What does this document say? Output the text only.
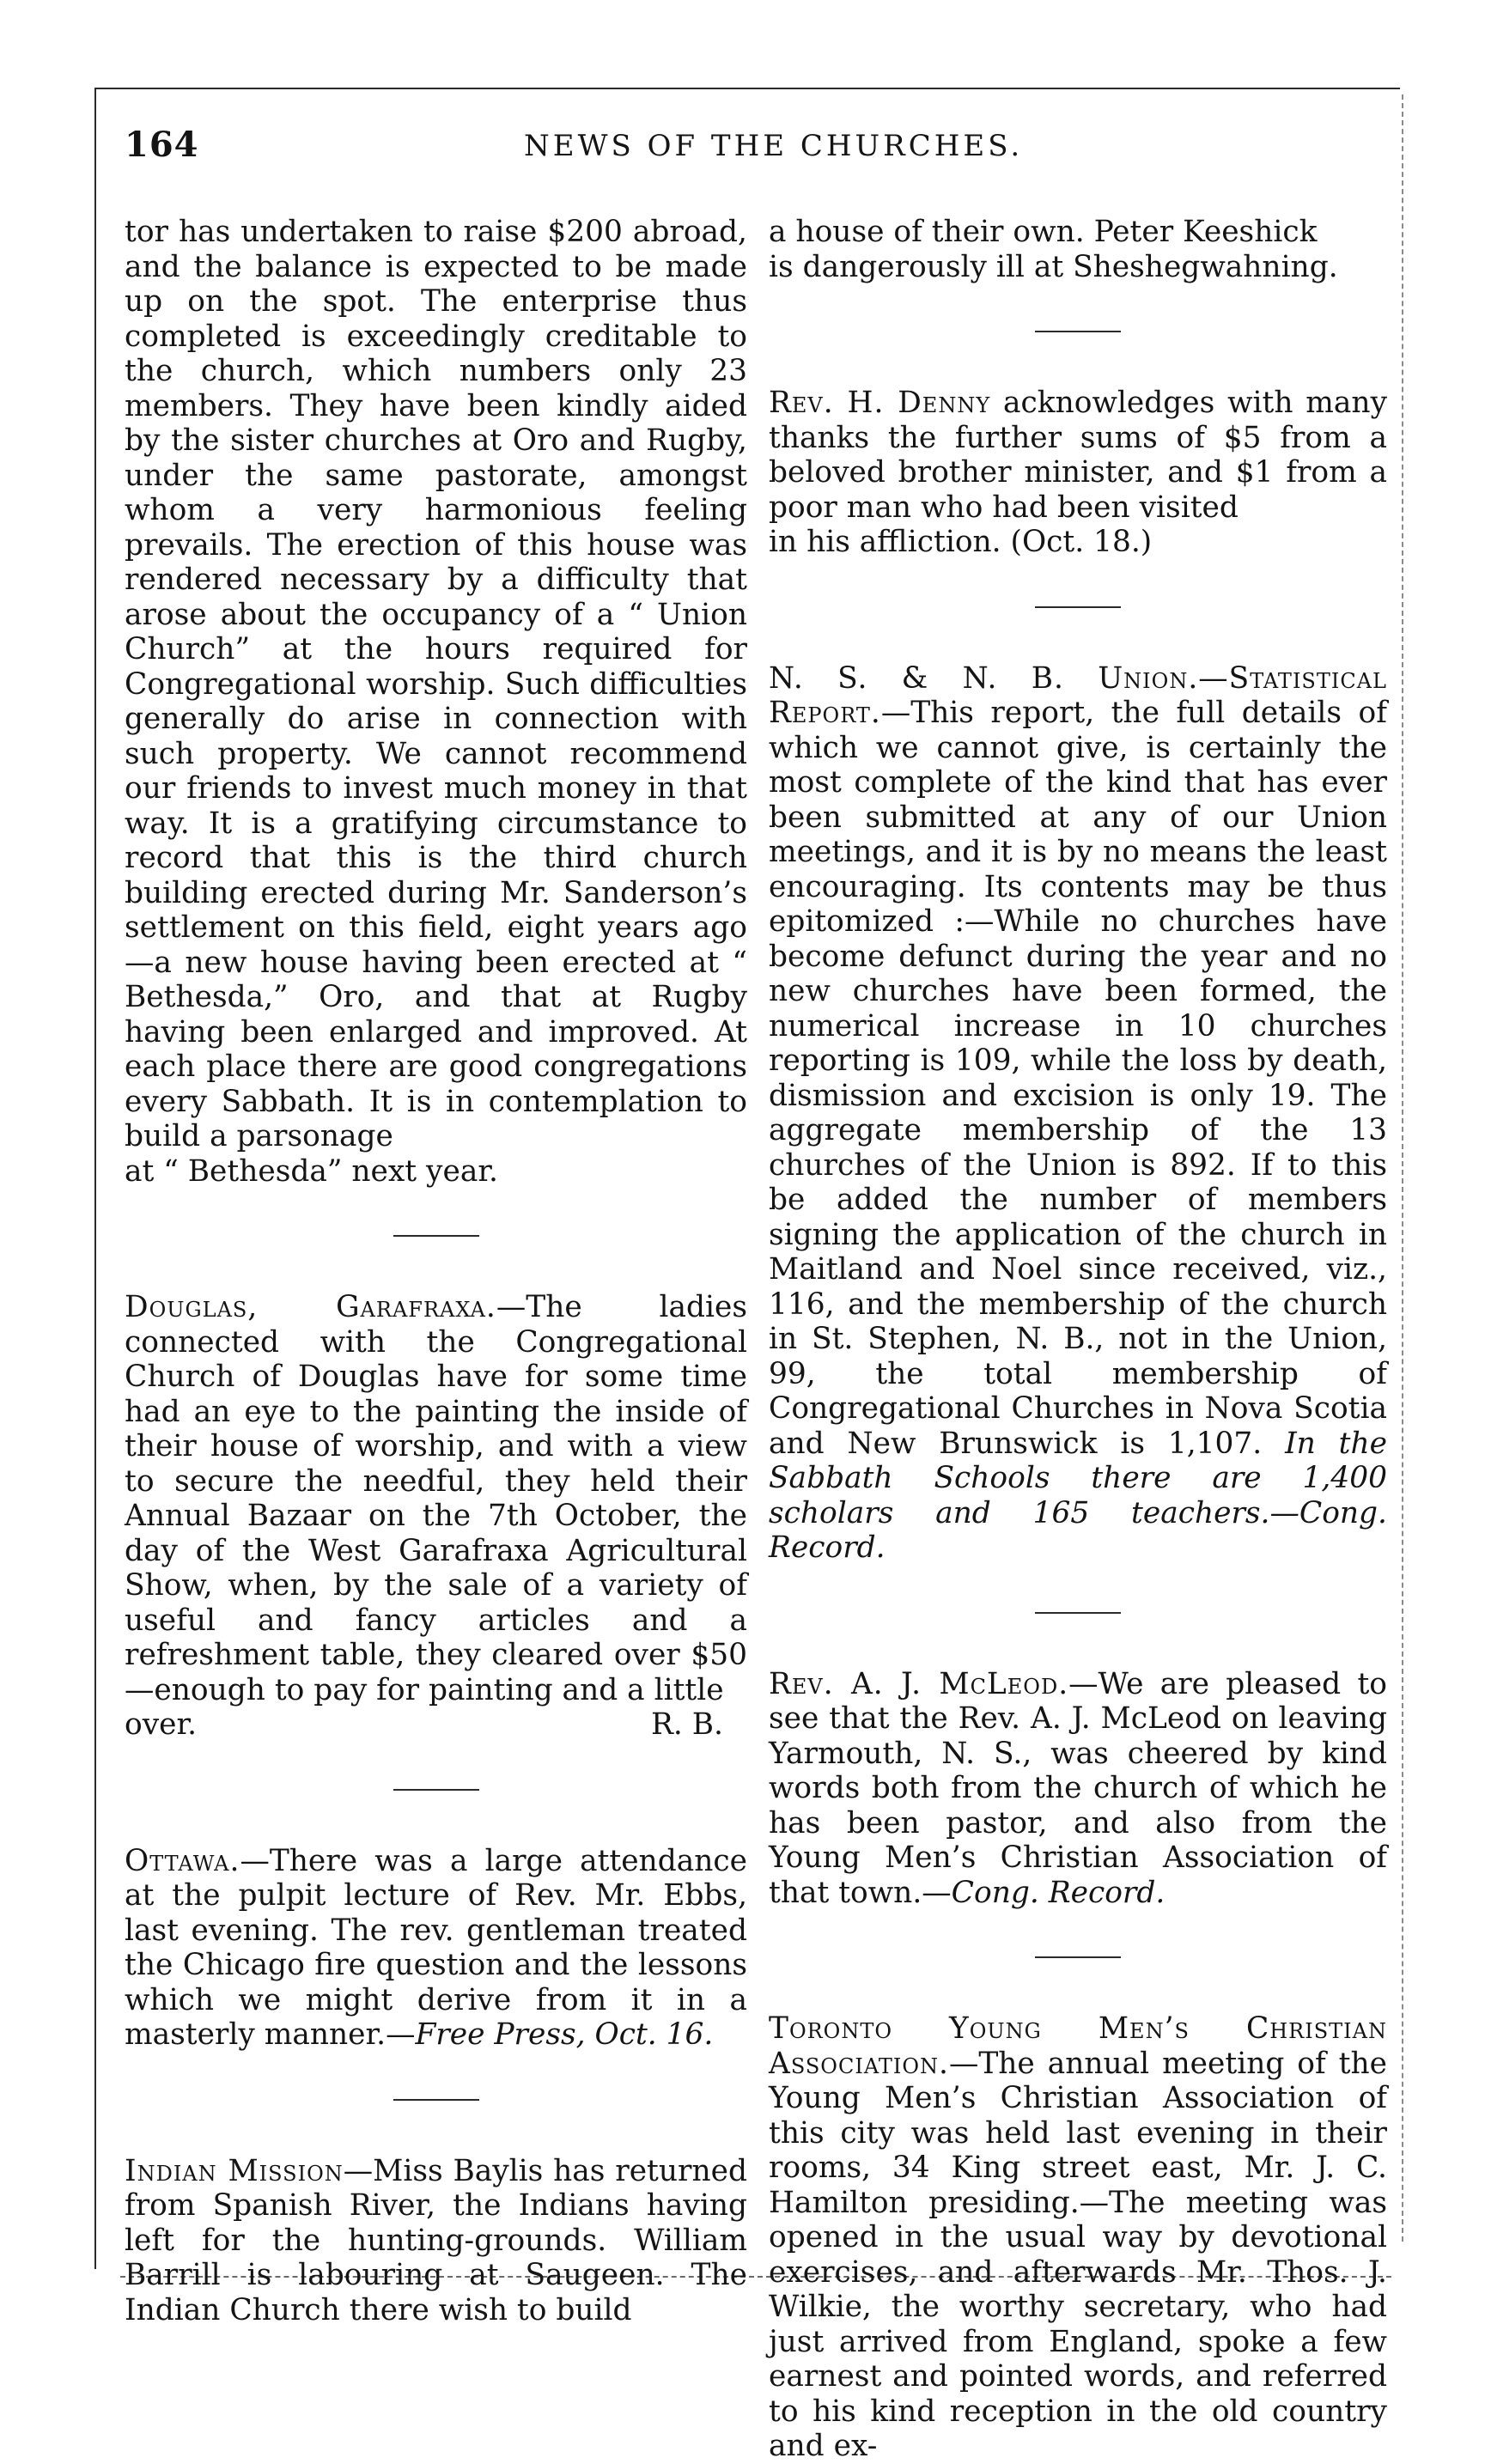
164	NEWS OF THE CHURCHES.

tor has undertaken to raise $200 abroad, and the balance is expected to be made up on the spot. The enterprise thus completed is exceedingly creditable to the church, which numbers only 23 members. They have been kindly aided by the sister churches at Oro and Rugby, under the same pastorate, amongst whom a very harmonious feeling prevails. The erection of this house was rendered necessary by a difficulty that arose about the occupancy of a “ Union Church” at the hours required for Congregational worship. Such difficulties generally do arise in connection with such property. We cannot recommend our friends to invest much money in that way. It is a gratifying circumstance to record that this is the third church building erected during Mr. Sanderson’s settlement on this field, eight years ago—a new house having been erected at “ Bethesda,” Oro, and that at Rugby having been enlarged and improved. At each place there are good congregations every Sabbath. It is in contemplation to build a parsonage

at “ Bethesda” next year.

Douglas, Garafraxa.—The ladies connected with the Congregational Church of Douglas have for some time had an eye to the painting the inside of their house of worship, and with a view to secure the needful, they held their Annual Bazaar on the 7th October, the day of the West Garafraxa Agricultural Show, when, by the sale of a variety of useful and fancy articles and a refreshment table, they cleared over $50—enough to pay for painting and a little

over.	R. B.

Ottawa.—There was a large attendance at the pulpit lecture of Rev. Mr. Ebbs, last evening. The rev. gentleman treated the Chicago fire question and the lessons which we might derive from it in a masterly manner.—Free Press, Oct. 16.

Indian Mission—Miss Baylis has returned from Spanish River, the Indians having left for the hunting-grounds. William Barrill is labouring at Saugeen. The Indian Church there wish to build

a house of their own. Peter Keeshick

is dangerously ill at Sheshegwahning.

Rev. H. Denny acknowledges with many thanks the further sums of $5 from a beloved brother minister, and $1 from a poor man who had been visited

in his affliction. (Oct. 18.)

N. S. & N. B. Union.—Statistical Report.—This report, the full details of which we cannot give, is certainly the most complete of the kind that has ever been submitted at any of our Union meetings, and it is by no means the least encouraging. Its contents may be thus epitomized :—While no churches have become defunct during the year and no new churches have been formed, the numerical increase in 10 churches reporting is 109, while the loss by death, dismission and excision is only 19. The aggregate membership of the 13 churches of the Union is 892. If to this be added the number of members signing the application of the church in Maitland and Noel since received, viz., 116, and the membership of the church in St. Stephen, N. B., not in the Union, 99, the total membership of Congregational Churches in Nova Scotia and New Brunswick is 1,107. In the Sabbath Schools there are 1,400 scholars and 165 teachers.—Cong. Record.

Rev. A. J. McLeod.—We are pleased to see that the Rev. A. J. McLeod on leaving Yarmouth, N. S., was cheered by kind words both from the church of which he has been pastor, and also from the Young Men’s Christian Association of that town.—Cong. Record.

Toronto Young Men’s Christian Association.—The annual meeting of the Young Men’s Christian Association of this city was held last evening in their rooms, 34 King street east, Mr. J. C. Hamilton presiding.—The meeting was opened in the usual way by devotional exercises, and afterwards Mr. Thos. J. Wilkie, the worthy secretary, who had just arrived from England, spoke a few earnest and pointed words, and referred to his kind reception in the old country and ex-
